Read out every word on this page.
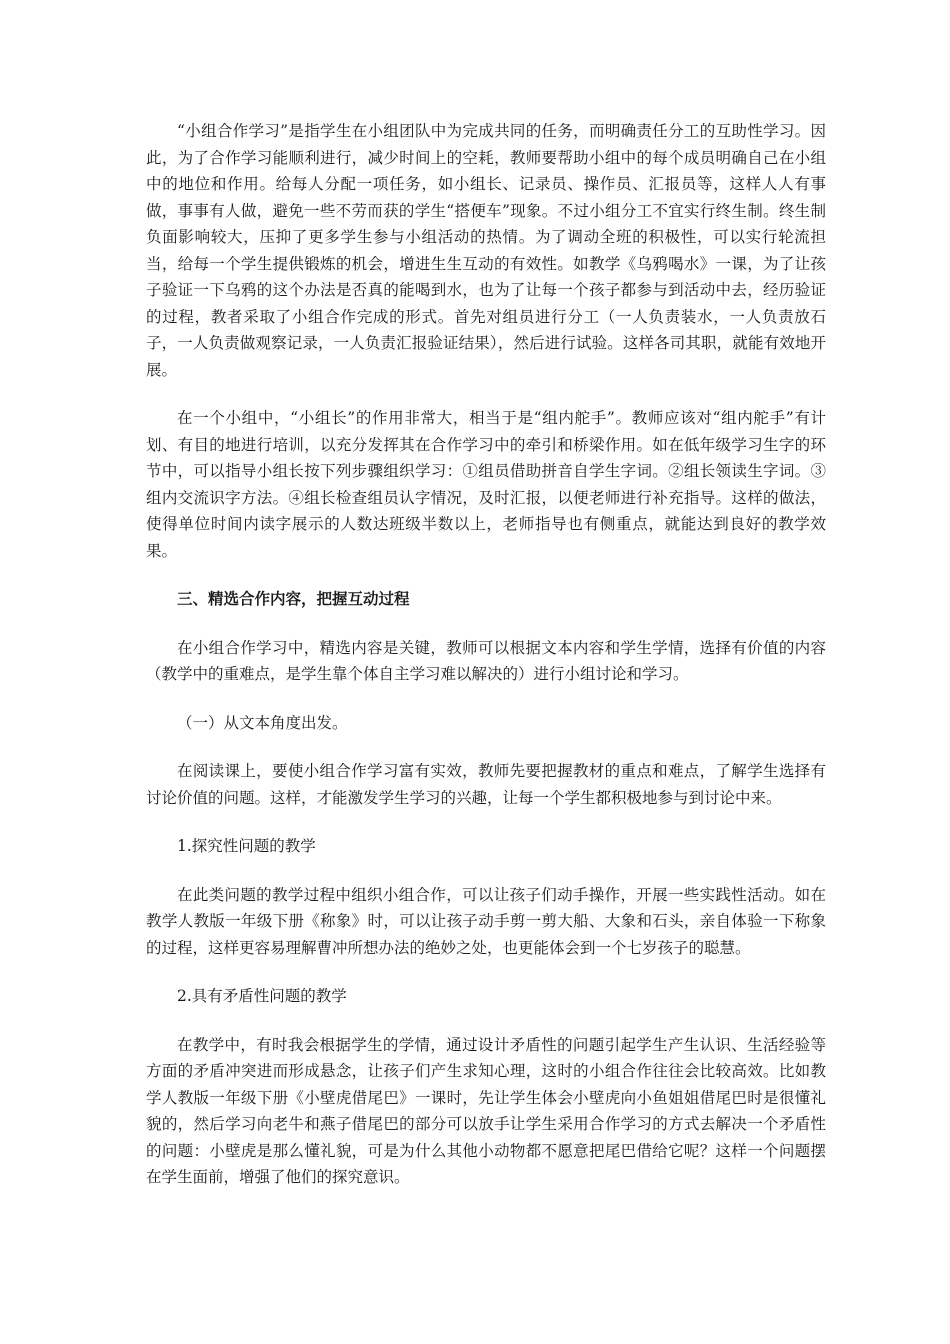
“小组合作学习”是指学生在小组团队中为完成共同的任务，而明确责任分工的互助性学习。因此，为了合作学习能顺利进行，减少时间上的空耗，教师要帮助小组中的每个成员明确自己在小组中的地位和作用。给每人分配一项任务，如小组长、记录员、操作员、汇报员等，这样人人有事做，事事有人做，避免一些不劳而获的学生“搭便车”现象。不过小组分工不宜实行终生制。终生制负面影响较大，压抑了更多学生参与小组活动的热情。为了调动全班的积极性，可以实行轮流担当，给每一个学生提供锻炼的机会，增进生生互动的有效性。如教学《乌鸦喝水》一课，为了让孩子验证一下乌鸦的这个办法是否真的能喝到水，也为了让每一个孩子都参与到活动中去，经历验证的过程，教者采取了小组合作完成的形式。首先对组员进行分工（一人负责装水，一人负责放石子，一人负责做观察记录，一人负责汇报验证结果），然后进行试验。这样各司其职，就能有效地开展。

在一个小组中，“小组长”的作用非常大，相当于是“组内舵手”。教师应该对“组内舵手”有计划、有目的地进行培训，以充分发挥其在合作学习中的牵引和桥梁作用。如在低年级学习生字的环节中，可以指导小组长按下列步骤组织学习：①组员借助拼音自学生字词。②组长领读生字词。③组内交流识字方法。④组长检查组员认字情况，及时汇报，以便老师进行补充指导。这样的做法，使得单位时间内读字展示的人数达班级半数以上，老师指导也有侧重点，就能达到良好的教学效果。

三、精选合作内容，把握互动过程

在小组合作学习中，精选内容是关键，教师可以根据文本内容和学生学情，选择有价值的内容（教学中的重难点，是学生靠个体自主学习难以解决的）进行小组讨论和学习。

（一）从文本角度出发。

在阅读课上，要使小组合作学习富有实效，教师先要把握教材的重点和难点，了解学生选择有讨论价值的问题。这样，才能激发学生学习的兴趣，让每一个学生都积极地参与到讨论中来。

1.探究性问题的教学

在此类问题的教学过程中组织小组合作，可以让孩子们动手操作，开展一些实践性活动。如在教学人教版一年级下册《称象》时，可以让孩子动手剪一剪大船、大象和石头，亲自体验一下称象的过程，这样更容易理解曹冲所想办法的绝妙之处，也更能体会到一个七岁孩子的聪慧。

2.具有矛盾性问题的教学

在教学中，有时我会根据学生的学情，通过设计矛盾性的问题引起学生产生认识、生活经验等方面的矛盾冲突进而形成悬念，让孩子们产生求知心理，这时的小组合作往往会比较高效。比如教学人教版一年级下册《小壁虎借尾巴》一课时，先让学生体会小壁虎向小鱼姐姐借尾巴时是很懂礼貌的，然后学习向老牛和燕子借尾巴的部分可以放手让学生采用合作学习的方式去解决一个矛盾性的问题：小壁虎是那么懂礼貌，可是为什么其他小动物都不愿意把尾巴借给它呢？这样一个问题摆在学生面前，增强了他们的探究意识。
